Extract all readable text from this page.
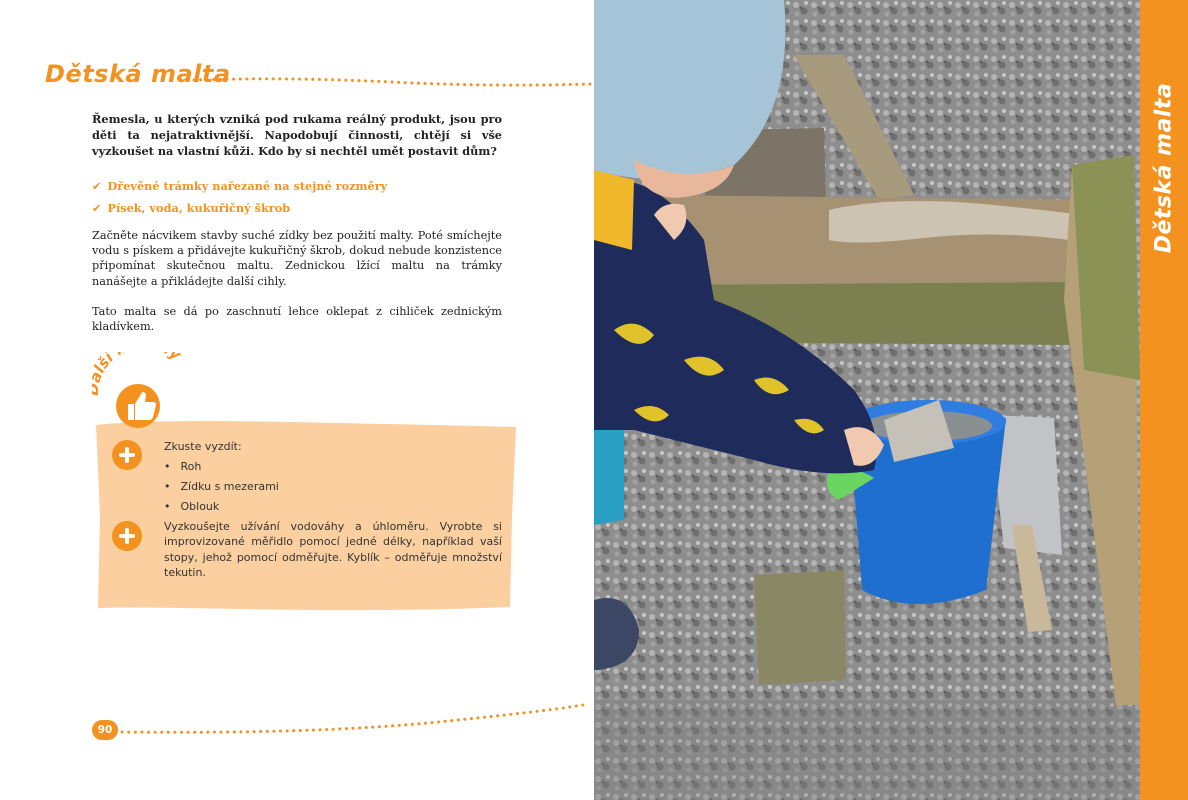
Dětská malta
Řemesla, u kterých vzniká pod rukama reálný produkt, jsou pro děti ta nejatraktivnější. Napodobují činnosti, chtějí si vše vyzkoušet na vlastní kůži. Kdo by si nechtěl umět postavit dům?
✔ Dřevěné trámky nařezané na stejné rozměry
✔ Písek, voda, kukuřičný škrob
Začněte nácvikem stavby suché zídky bez použití malty. Poté smíchejte vodu s pískem a přidávejte kukuřičný škrob, dokud nebude konzistence připomínat skutečnou maltu. Zednickou lžící maltu na trámky nanášejte a přikládejte další cihly.
Tato malta se dá po zaschnutí lehce oklepat z cihliček zednickým kladívkem.
ší y
Zkuste vyzdít:
• Roh
• Zídku s mezerami
• Oblouk
Vyzkoušejte užívání vodováhy a úhloměru. Vyrobte si improvizované měřidlo pomocí jedné délky, například vaší stopy, jehož pomocí odměřujte. Kyblík – odměřuje množství tekutin.
90
Dětská malta
